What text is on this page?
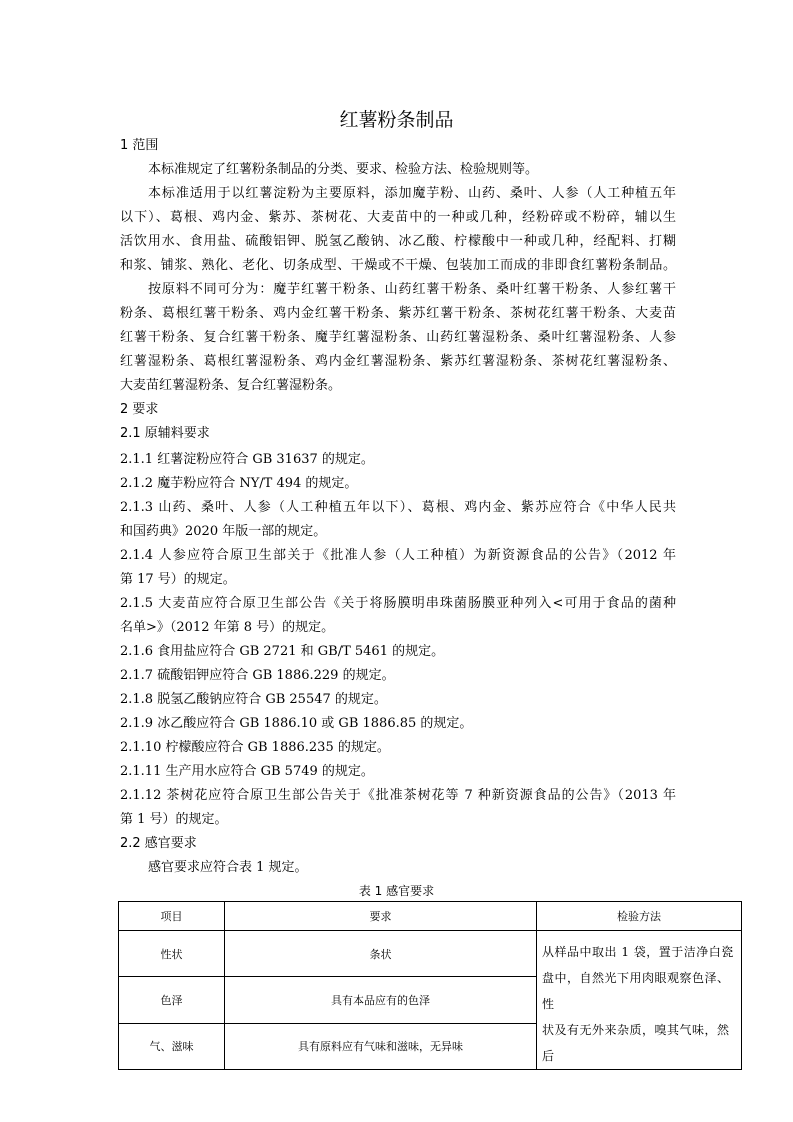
红薯粉条制品
1 范围
本标准规定了红薯粉条制品的分类、要求、检验方法、检验规则等。
本标准适用于以红薯淀粉为主要原料，添加魔芋粉、山药、桑叶、人参（人工种植五年
以下）、葛根、鸡内金、紫苏、茶树花、大麦苗中的一种或几种，经粉碎或不粉碎，辅以生
活饮用水、食用盐、硫酸铝钾、脱氢乙酸钠、冰乙酸、柠檬酸中一种或几种，经配料、打糊
和浆、铺浆、熟化、老化、切条成型、干燥或不干燥、包装加工而成的非即食红薯粉条制品。
按原料不同可分为：魔芋红薯干粉条、山药红薯干粉条、桑叶红薯干粉条、人参红薯干
粉条、葛根红薯干粉条、鸡内金红薯干粉条、紫苏红薯干粉条、茶树花红薯干粉条、大麦苗
红薯干粉条、复合红薯干粉条、魔芋红薯湿粉条、山药红薯湿粉条、桑叶红薯湿粉条、人参
红薯湿粉条、葛根红薯湿粉条、鸡内金红薯湿粉条、紫苏红薯湿粉条、茶树花红薯湿粉条、
大麦苗红薯湿粉条、复合红薯湿粉条。
2 要求
2.1 原辅料要求
2.1.1 红薯淀粉应符合 GB 31637 的规定。
2.1.2 魔芋粉应符合 NY/T 494 的规定。
2.1.3 山药、桑叶、人参（人工种植五年以下）、葛根、鸡内金、紫苏应符合《中华人民共
和国药典》2020 年版一部的规定。
2.1.4 人参应符合原卫生部关于《批准人参（人工种植）为新资源食品的公告》（2012 年
第 17 号）的规定。
2.1.5 大麦苗应符合原卫生部公告《关于将肠膜明串珠菌肠膜亚种列入<可用于食品的菌种
名单>》（2012 年第 8 号）的规定。
2.1.6 食用盐应符合 GB 2721 和 GB/T 5461 的规定。
2.1.7 硫酸铝钾应符合 GB 1886.229 的规定。
2.1.8 脱氢乙酸钠应符合 GB 25547 的规定。
2.1.9 冰乙酸应符合 GB 1886.10 或 GB 1886.85 的规定。
2.1.10 柠檬酸应符合 GB 1886.235 的规定。
2.1.11 生产用水应符合 GB 5749 的规定。
2.1.12 茶树花应符合原卫生部公告关于《批准茶树花等 7 种新资源食品的公告》（2013 年
第 1 号）的规定。
2.2 感官要求
感官要求应符合表 1 规定。
表 1 感官要求
项目	要求	检验方法
性状	条状	从样品中取出 1 袋，置于洁净白瓷
盘中，自然光下用肉眼观察色泽、性
状及有无外来杂质，嗅其气味，然后

色泽	具有本品应有的色泽	
气、滋味	具有原料应有气味和滋味，无异味	
